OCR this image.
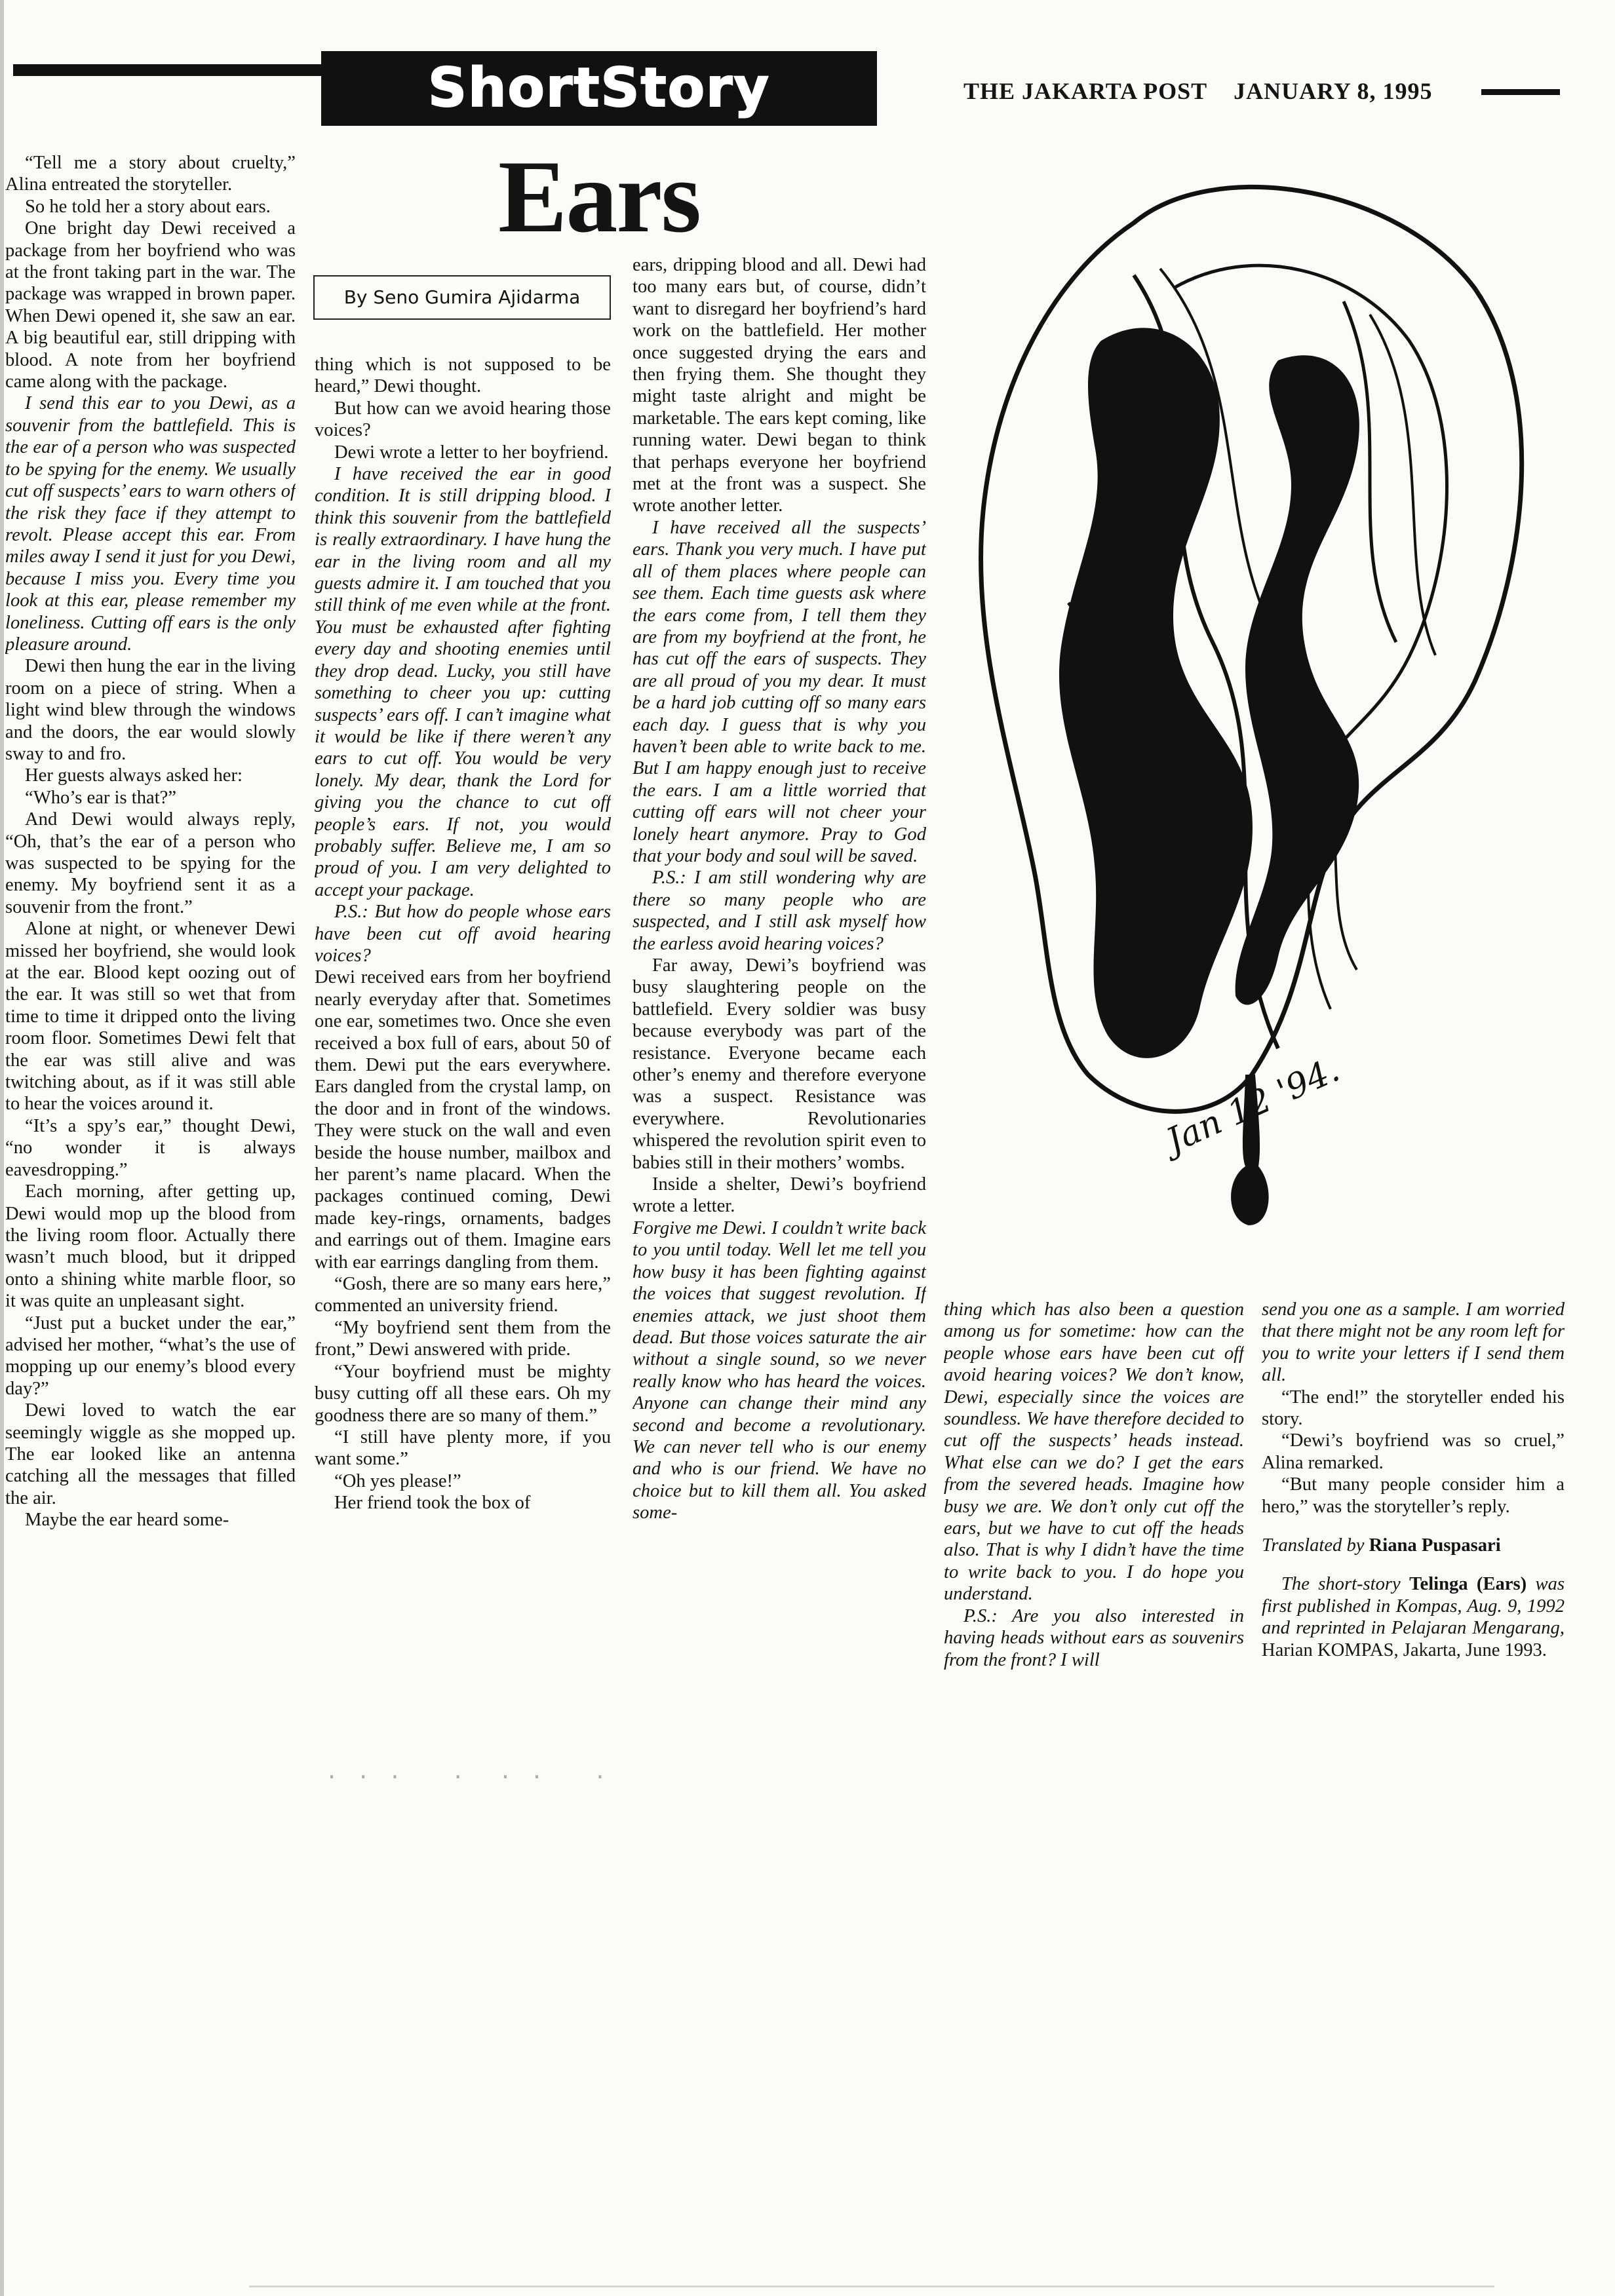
ShortStory	THE JAKARTA POST JANUARY 8, 1995
Ears
By Seno Gumira Ajidarma

“Tell me a story about cruelty,” Alina entreated the storyteller.

So he told her a story about ears.

One bright day Dewi received a package from her boyfriend who was at the front taking part in the war. The package was wrapped in brown paper. When Dewi opened it, she saw an ear. A big beautiful ear, still dripping with blood. A note from her boyfriend came along with the package.

I send this ear to you Dewi, as a souvenir from the battlefield. This is the ear of a person who was suspected to be spying for the enemy. We usually cut off suspects’ ears to warn others of the risk they face if they attempt to revolt. Please accept this ear. From miles away I send it just for you Dewi, because I miss you. Every time you look at this ear, please remember my loneliness. Cutting off ears is the only pleasure around.

Dewi then hung the ear in the living room on a piece of string. When a light wind blew through the windows and the doors, the ear would slowly sway to and fro.

Her guests always asked her:

“Who’s ear is that?”

And Dewi would always reply, “Oh, that’s the ear of a person who was suspected to be spying for the enemy. My boyfriend sent it as a souvenir from the front.”

Alone at night, or whenever Dewi missed her boyfriend, she would look at the ear. Blood kept oozing out of the ear. It was still so wet that from time to time it dripped onto the living room floor. Sometimes Dewi felt that the ear was still alive and was twitching about, as if it was still able to hear the voices around it.

“It’s a spy’s ear,” thought Dewi, “no wonder it is always eavesdropping.”

Each morning, after getting up, Dewi would mop up the blood from the living room floor. Actually there wasn’t much blood, but it dripped onto a shining white marble floor, so it was quite an unpleasant sight.

“Just put a bucket under the ear,” advised her mother, “what’s the use of mopping up our enemy’s blood every day?”

Dewi loved to watch the ear seemingly wiggle as she mopped up. The ear looked like an antenna catching all the messages that filled the air.

Maybe the ear heard some-

thing which is not supposed to be heard,” Dewi thought.

But how can we avoid hearing those voices?

Dewi wrote a letter to her boyfriend.

I have received the ear in good condition. It is still dripping blood. I think this souvenir from the battlefield is really extraordinary. I have hung the ear in the living room and all my guests admire it. I am touched that you still think of me even while at the front. You must be exhausted after fighting every day and shooting enemies until they drop dead. Lucky, you still have something to cheer you up: cutting suspects’ ears off. I can’t imagine what it would be like if there weren’t any ears to cut off. You would be very lonely. My dear, thank the Lord for giving you the chance to cut off people’s ears. If not, you would probably suffer. Believe me, I am so proud of you. I am very delighted to accept your package.

P.S.: But how do people whose ears have been cut off avoid hearing voices?

Dewi received ears from her boyfriend nearly everyday after that. Sometimes one ear, sometimes two. Once she even received a box full of ears, about 50 of them. Dewi put the ears everywhere. Ears dangled from the crystal lamp, on the door and in front of the windows. They were stuck on the wall and even beside the house number, mailbox and her parent’s name placard. When the packages continued coming, Dewi made key-rings, ornaments, badges and earrings out of them. Imagine ears with ear earrings dangling from them.

“Gosh, there are so many ears here,” commented an university friend.

“My boyfriend sent them from the front,” Dewi answered with pride.

“Your boyfriend must be mighty busy cutting off all these ears. Oh my goodness there are so many of them.”

“I still have plenty more, if you want some.”

“Oh yes please!”

Her friend took the box of

ears, dripping blood and all. Dewi had too many ears but, of course, didn’t want to disregard her boyfriend’s hard work on the battlefield. Her mother once suggested drying the ears and then frying them. She thought they might taste alright and might be marketable. The ears kept coming, like running water. Dewi began to think that perhaps everyone her boyfriend met at the front was a suspect. She wrote another letter.

I have received all the suspects’ ears. Thank you very much. I have put all of them places where people can see them. Each time guests ask where the ears come from, I tell them they are from my boyfriend at the front, he has cut off the ears of suspects. They are all proud of you my dear. It must be a hard job cutting off so many ears each day. I guess that is why you haven’t been able to write back to me. But I am happy enough just to receive the ears. I am a little worried that cutting off ears will not cheer your lonely heart anymore. Pray to God that your body and soul will be saved.

P.S.: I am still wondering why are there so many people who are suspected, and I still ask myself how the earless avoid hearing voices?

Far away, Dewi’s boyfriend was busy slaughtering people on the battlefield. Every soldier was busy because everybody was part of the resistance. Everyone became each other’s enemy and therefore everyone was a suspect. Resistance was everywhere. Revolutionaries whispered the revolution spirit even to babies still in their mothers’ wombs.

Inside a shelter, Dewi’s boyfriend wrote a letter.

Forgive me Dewi. I couldn’t write back to you until today. Well let me tell you how busy it has been fighting against the voices that suggest revolution. If enemies attack, we just shoot them dead. But those voices saturate the air without a single sound, so we never really know who has heard the voices. Anyone can change their mind any second and become a revolutionary. We can never tell who is our enemy and who is our friend. We have no choice but to kill them all. You asked some-

thing which has also been a question among us for sometime: how can the people whose ears have been cut off avoid hearing voices? We don’t know, Dewi, especially since the voices are soundless. We have therefore decided to cut off the suspects’ heads instead. What else can we do? I get the ears from the severed heads. Imagine how busy we are. We don’t only cut off the ears, but we have to cut off the heads also. That is why I didn’t have the time to write back to you. I do hope you understand.

P.S.: Are you also interested in having heads without ears as souvenirs from the front? I will

send you one as a sample. I am worried that there might not be any room left for you to write your letters if I send them all.

“The end!” the storyteller ended his story.

“Dewi’s boyfriend was so cruel,” Alina remarked.

“But many people consider him a hero,” was the storyteller’s reply.

Translated by Riana Puspasari

The short-story Telinga (Ears) was first published in Kompas, Aug. 9, 1992 and reprinted in Pelajaran Mengarang, Harian KOMPAS, Jakarta, June 1993.

Jan 12 '94.
· · ·   ·  · ·   ·
